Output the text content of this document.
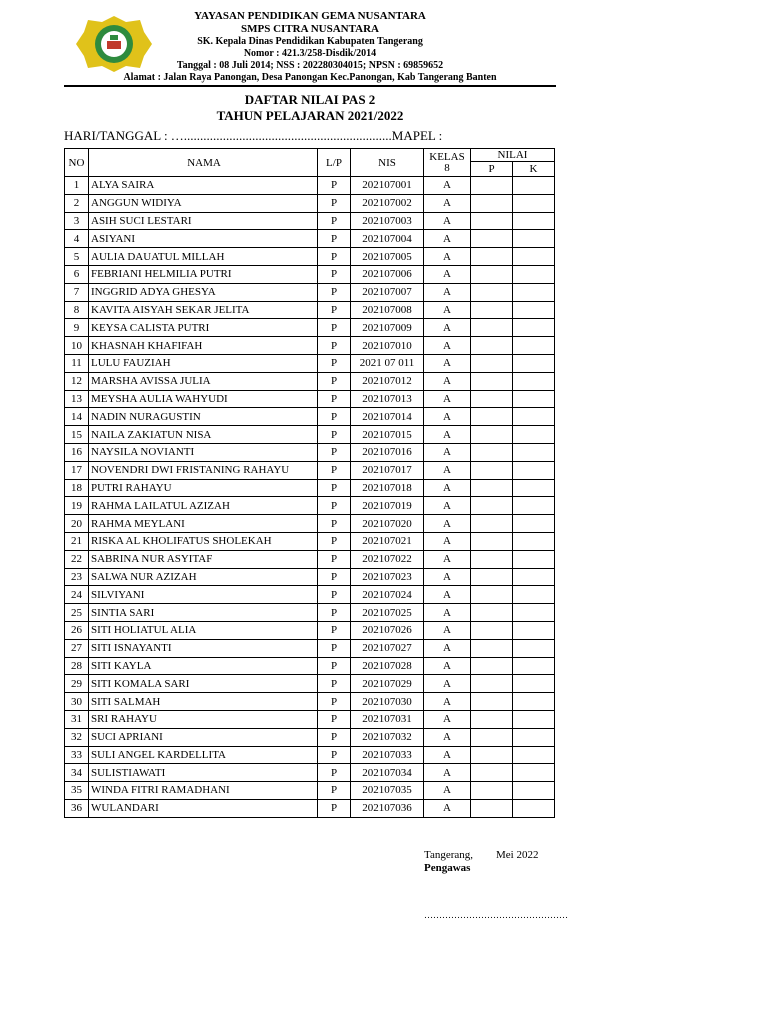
YAYASAN PENDIDIKAN GEMA NUSANTARA
SMPS CITRA NUSANTARA
SK. Kepala Dinas Pendidikan Kabupaten Tangerang
Nomor : 421.3/258-Disdik/2014
Tanggal : 08 Juli 2014; NSS : 202280304015; NPSN : 69859652
Alamat : Jalan Raya Panongan, Desa Panongan Kec.Panongan, Kab Tangerang Banten
DAFTAR NILAI PAS 2
TAHUN PELAJARAN 2021/2022
HARI/TANGGAL : …................................................................MAPEL :
NO	NAMA	L/P	NIS	KELAS
8	NILAI	
					P	K
1	ALYA SAIRA	P	202107001	A		
2	ANGGUN WIDIYA	P	202107002	A		
3	ASIH SUCI LESTARI	P	202107003	A		
4	ASIYANI	P	202107004	A		
5	AULIA DAUATUL MILLAH	P	202107005	A		
6	FEBRIANI HELMILIA PUTRI	P	202107006	A		
7	INGGRID ADYA GHESYA	P	202107007	A		
8	KAVITA AISYAH SEKAR JELITA	P	202107008	A		
9	KEYSA CALISTA PUTRI	P	202107009	A		
10	KHASNAH KHAFIFAH	P	202107010	A		
11	LULU FAUZIAH	P	2021 07 011	A		
12	MARSHA AVISSA JULIA	P	202107012	A		
13	MEYSHA AULIA WAHYUDI	P	202107013	A		
14	NADIN NURAGUSTIN	P	202107014	A		
15	NAILA ZAKIATUN NISA	P	202107015	A		
16	NAYSILA NOVIANTI	P	202107016	A		
17	NOVENDRI DWI FRISTANING RAHAYU	P	202107017	A		
18	PUTRI RAHAYU	P	202107018	A		
19	RAHMA LAILATUL AZIZAH	P	202107019	A		
20	RAHMA MEYLANI	P	202107020	A		
21	RISKA AL KHOLIFATUS SHOLEKAH	P	202107021	A		
22	SABRINA NUR ASYITAF	P	202107022	A		
23	SALWA NUR AZIZAH	P	202107023	A		
24	SILVIYANI	P	202107024	A		
25	SINTIA SARI	P	202107025	A		
26	SITI HOLIATUL ALIA	P	202107026	A		
27	SITI ISNAYANTI	P	202107027	A		
28	SITI KAYLA	P	202107028	A		
29	SITI KOMALA SARI	P	202107029	A		
30	SITI SALMAH	P	202107030	A		
31	SRI RAHAYU	P	202107031	A		
32	SUCI APRIANI	P	202107032	A		
33	SULI ANGEL KARDELLITA	P	202107033	A		
34	SULISTIAWATI	P	202107034	A		
35	WINDA FITRI RAMADHANI	P	202107035	A		
36	WULANDARI	P	202107036	A		
Tangerang, Mei 2022
Pengawas
…………………………………………
